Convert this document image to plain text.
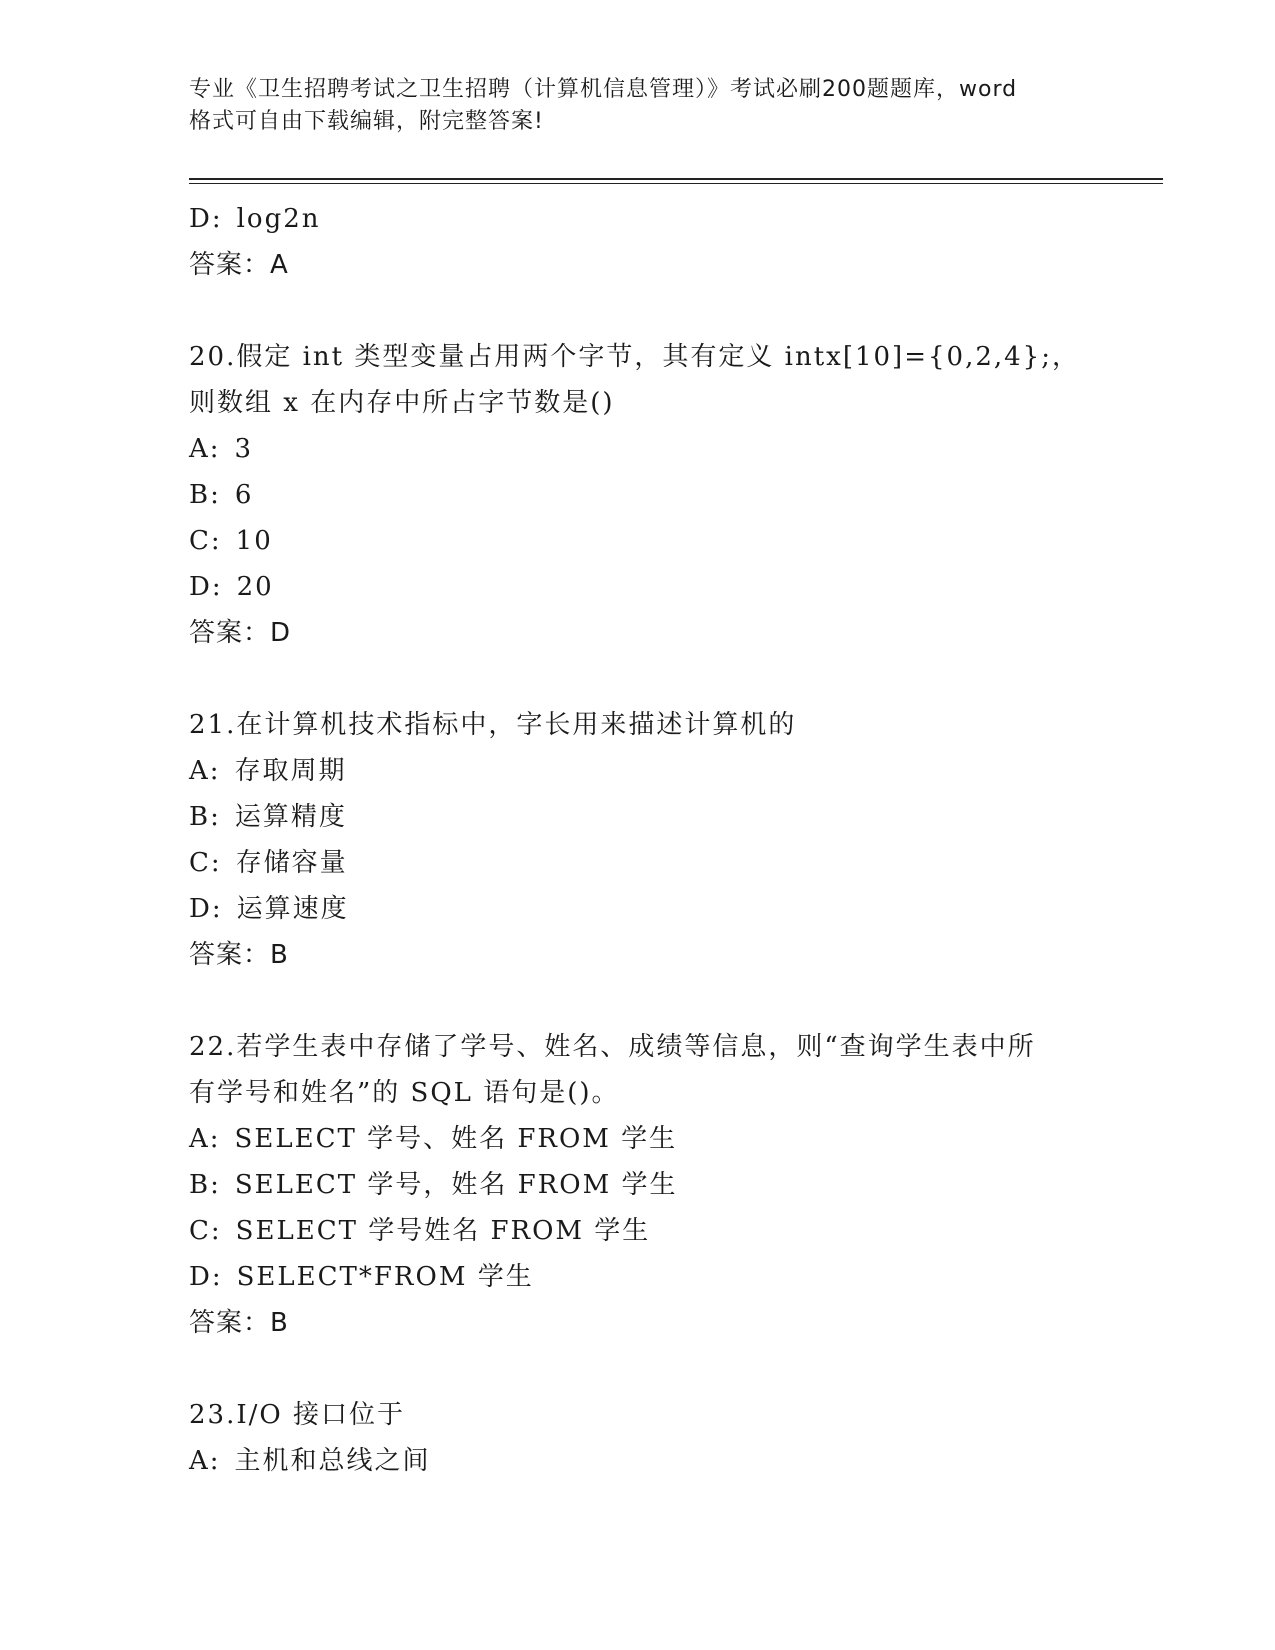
专业《卫生招聘考试之卫生招聘（计算机信息管理）》考试必刷200题题库，word
格式可自由下载编辑，附完整答案!
D: log2n
答案：A
20.假定 int 类型变量占用两个字节，其有定义 intx[10]={0,2,4};，
则数组 x 在内存中所占字节数是()
A: 3
B: 6
C: 10
D: 20
答案：D
21.在计算机技术指标中，字长用来描述计算机的
A: 存取周期
B: 运算精度
C: 存储容量
D: 运算速度
答案：B
22.若学生表中存储了学号、姓名、成绩等信息，则“查询学生表中所
有学号和姓名”的 SQL 语句是()。
A: SELECT 学号、姓名 FROM 学生
B: SELECT 学号，姓名 FROM 学生
C: SELECT 学号姓名 FROM 学生
D: SELECT*FROM 学生
答案：B
23.I/O 接口位于
A: 主机和总线之间
